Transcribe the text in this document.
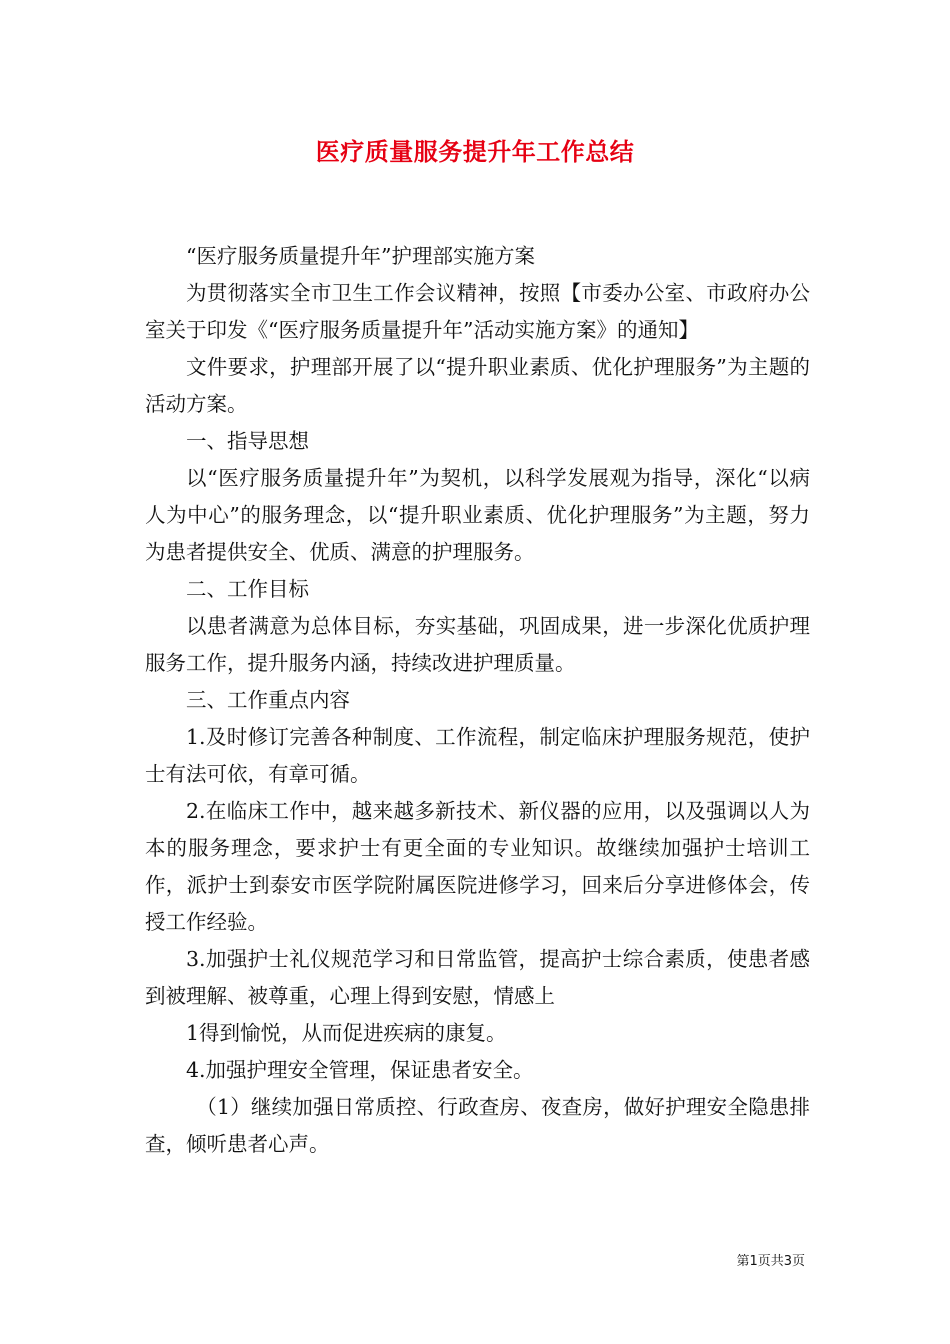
医疗质量服务提升年工作总结

“医疗服务质量提升年”护理部实施方案

为贯彻落实全市卫生工作会议精神，按照【市委办公室、市政府办公室关于印发《“医疗服务质量提升年”活动实施方案》的通知】

文件要求，护理部开展了以“提升职业素质、优化护理服务”为主题的活动方案。

一、指导思想

以“医疗服务质量提升年”为契机，以科学发展观为指导，深化“以病人为中心”的服务理念，以“提升职业素质、优化护理服务”为主题，努力为患者提供安全、优质、满意的护理服务。

二、工作目标

以患者满意为总体目标，夯实基础，巩固成果，进一步深化优质护理服务工作，提升服务内涵，持续改进护理质量。

三、工作重点内容

1.及时修订完善各种制度、工作流程，制定临床护理服务规范，使护士有法可依，有章可循。

2.在临床工作中，越来越多新技术、新仪器的应用，以及强调以人为本的服务理念，要求护士有更全面的专业知识。故继续加强护士培训工作，派护士到泰安市医学院附属医院进修学习，回来后分享进修体会，传授工作经验。

3.加强护士礼仪规范学习和日常监管，提高护士综合素质，使患者感到被理解、被尊重，心理上得到安慰，情感上

1得到愉悦，从而促进疾病的康复。

4.加强护理安全管理，保证患者安全。

（1）继续加强日常质控、行政查房、夜查房，做好护理安全隐患排查，倾听患者心声。

第1页共3页
